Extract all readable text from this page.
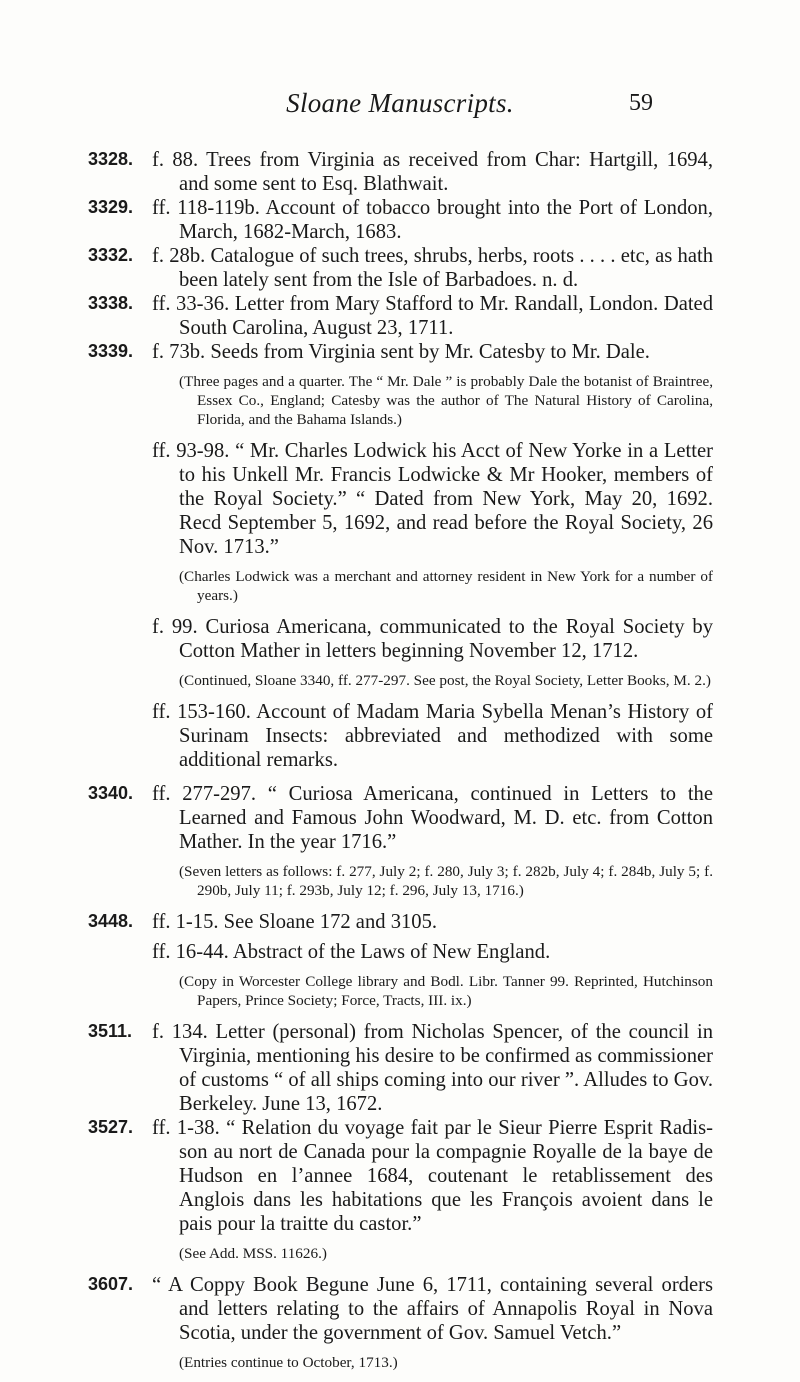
Sloane Manuscripts.	59
3328. f. 88. Trees from Virginia as received from Char: Hartgill, 1694, and some sent to Esq. Blathwait.
3329. ff. 118-119b. Account of tobacco brought into the Port of London, March, 1682-March, 1683.
3332. f. 28b. Catalogue of such trees, shrubs, herbs, roots . . . . etc, as hath been lately sent from the Isle of Barbadoes. n. d.
3338. ff. 33-36. Letter from Mary Stafford to Mr. Randall, London. Dated South Carolina, August 23, 1711.
3339. f. 73b. Seeds from Virginia sent by Mr. Catesby to Mr. Dale.
(Three pages and a quarter. The “ Mr. Dale ” is probably Dale the botanist of Braintree, Essex Co., England; Catesby was the author of The Natural History of Carolina, Florida, and the Bahama Islands.)
ff. 93-98. “ Mr. Charles Lodwick his Acct of New Yorke in a Letter to his Unkell Mr. Francis Lodwicke & Mr Hooker, members of the Royal Society.” “ Dated from New York, May 20, 1692. Recd September 5, 1692, and read before the Royal Society, 26 Nov. 1713.”
(Charles Lodwick was a merchant and attorney resident in New York for a number of years.)
f. 99. Curiosa Americana, communicated to the Royal Society by Cotton Mather in letters beginning November 12, 1712.
(Continued, Sloane 3340, ff. 277-297. See post, the Royal Society, Letter Books, M. 2.)
ff. 153-160. Account of Madam Maria Sybella Menan’s History of Surinam Insects: abbreviated and methodized with some additional remarks.
3340. ff. 277-297. “ Curiosa Americana, continued in Letters to the Learned and Famous John Woodward, M. D. etc. from Cotton Mather. In the year 1716.”
(Seven letters as follows: f. 277, July 2; f. 280, July 3; f. 282b, July 4; f. 284b, July 5; f. 290b, July 11; f. 293b, July 12; f. 296, July 13, 1716.)
3448. ff. 1-15. See Sloane 172 and 3105.
ff. 16-44. Abstract of the Laws of New England.
(Copy in Worcester College library and Bodl. Libr. Tanner 99. Reprinted, Hutchinson Papers, Prince Society; Force, Tracts, III. ix.)
3511. f. 134. Letter (personal) from Nicholas Spencer, of the council in Virginia, mentioning his desire to be confirmed as commissioner of customs “ of all ships coming into our river ”. Alludes to Gov. Berkeley. June 13, 1672.
3527. ff. 1-38. “ Relation du voyage fait par le Sieur Pierre Esprit Radis-son au nort de Canada pour la compagnie Royalle de la baye de Hudson en l’annee 1684, coutenant le retablissement des Anglois dans les habitations que les François avoient dans le pais pour la traitte du castor.”
(See Add. MSS. 11626.)
3607. “ A Coppy Book Begune June 6, 1711, containing several orders and letters relating to the affairs of Annapolis Royal in Nova Scotia, under the government of Gov. Samuel Vetch.”
(Entries continue to October, 1713.)
